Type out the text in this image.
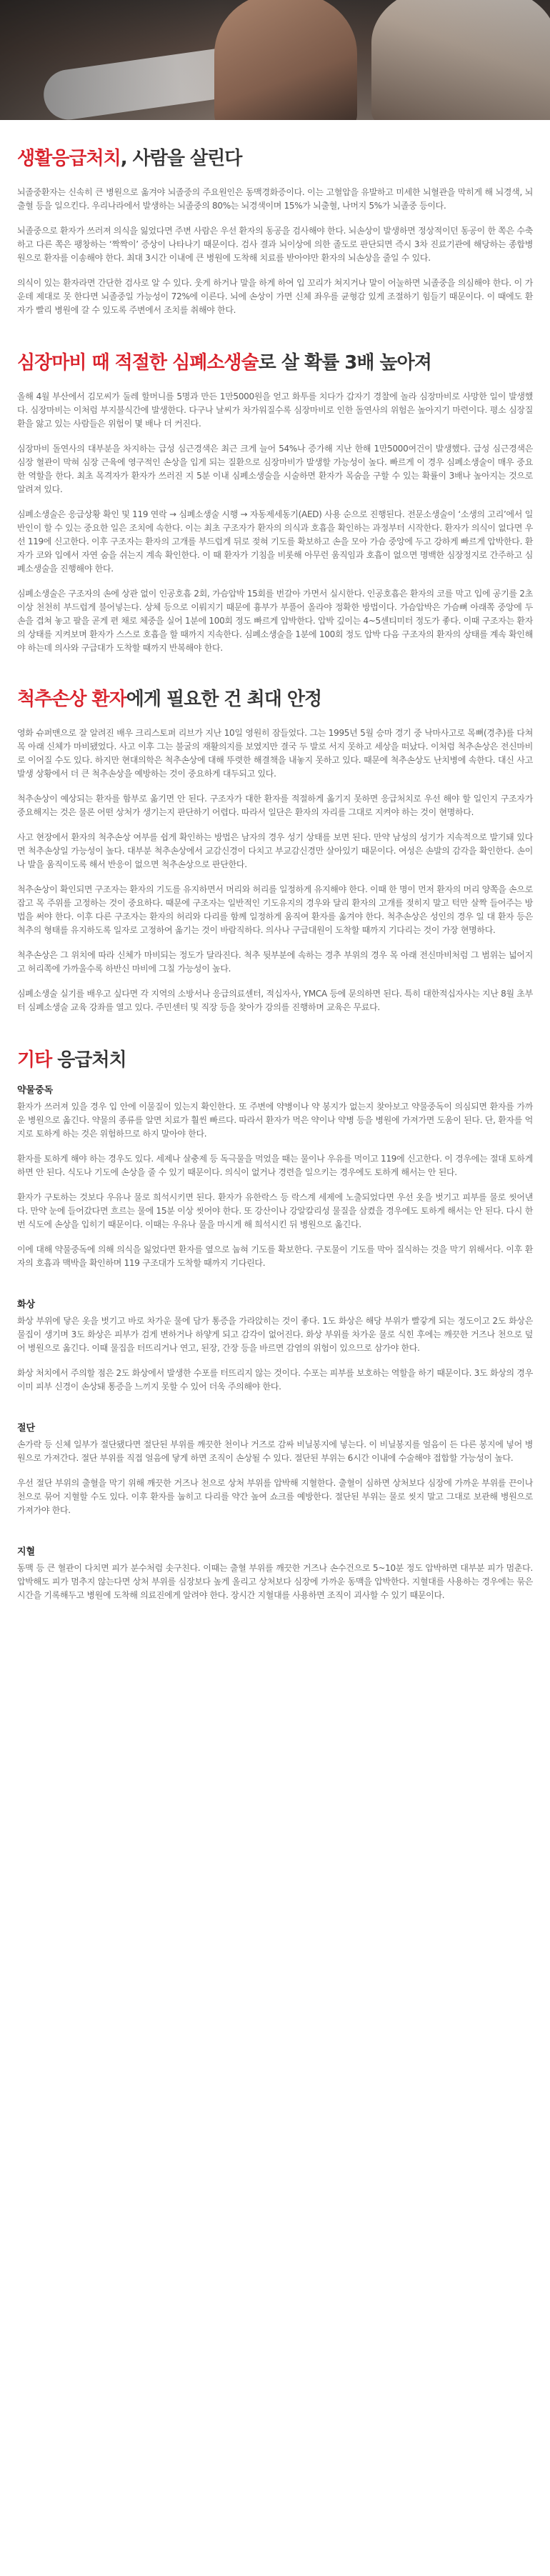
생활응급처치, 사람을 살린다

뇌졸중환자는 신속히 큰 병원으로 옮겨야 뇌졸중의 주요원인은 동맥경화증이다. 이는 고혈압을 유발하고 미세한 뇌혈관을 막히게 해 뇌경색, 뇌출혈 등을 일으킨다. 우리나라에서 발생하는 뇌졸중의 80%는 뇌경색이며 15%가 뇌출혈, 나머지 5%가 뇌졸중 등이다.

뇌졸중으로 환자가 쓰러져 의식을 잃었다면 주변 사람은 우선 환자의 동공을 검사해야 한다. 뇌손상이 발생하면 정상적이던 동공이 한 쪽은 수축하고 다른 쪽은 팽창하는 ‘짝짝이’ 증상이 나타나기 때문이다. 검사 결과 뇌이상에 의한 졸도로 판단되면 즉시 3차 진료기관에 해당하는 종합병원으로 환자를 이송해야 한다. 최대 3시간 이내에 큰 병원에 도착해 치료를 받아야만 환자의 뇌손상을 줄일 수 있다.

의식이 있는 환자라면 간단한 검사로 알 수 있다. 웃게 하거나 말을 하게 하여 입 꼬리가 쳐지거나 말이 어눌하면 뇌졸중을 의심해야 한다. 이 가운데 제대로 못 한다면 뇌졸중일 가능성이 72%에 이른다. 뇌에 손상이 가면 신체 좌우를 균형감 있게 조절하기 힘들기 때문이다. 이 때에도 환자가 빨리 병원에 갈 수 있도록 주변에서 조치를 취해야 한다.

심장마비 때 적절한 심폐소생술로 살 확률 3배 높아져

올해 4월 부산에서 김모씨가 둘레 할머니를 5명과 만든 1만5000원을 얻고 화투를 치다가 갑자기 경찰에 놀라 심장마비로 사망한 일이 발생했다. 심장마비는 이처럼 부지불식간에 발생한다. 다구나 날씨가 차가워질수록 심장마비로 인한 돌연사의 위험은 높아지기 마련이다. 평소 심장질환을 앓고 있는 사람들은 위험이 몇 배나 더 커진다.

심장마비 돌연사의 대부분을 차지하는 급성 심근경색은 최근 크게 늘어 54%나 증가해 지난 한해 1만5000여건이 발생했다. 급성 심근경색은 심장 혈관이 막혀 심장 근육에 영구적인 손상을 입게 되는 질환으로 심장마비가 발생할 가능성이 높다. 빠르게 이 경우 심폐소생술이 매우 중요한 역할을 한다. 최초 목격자가 환자가 쓰러진 지 5분 이내 심폐소생술을 시술하면 환자가 목숨을 구할 수 있는 확률이 3배나 높아지는 것으로 알려져 있다.

심폐소생술은 응급상황 확인 및 119 연락 → 심폐소생술 시행 → 자동제세동기(AED) 사용 순으로 진행된다. 전문소생술이 ‘소생의 고리’에서 일반인이 할 수 있는 중요한 일은 조치에 속한다. 이는 최초 구조자가 환자의 의식과 호흡을 확인하는 과정부터 시작한다. 환자가 의식이 없다면 우선 119에 신고한다. 이후 구조자는 환자의 고개를 부드럽게 뒤로 젖혀 기도를 확보하고 손을 모아 가슴 중앙에 두고 강하게 빠르게 압박한다. 환자가 코와 입에서 자연 숨을 쉬는지 계속 확인한다. 이 때 환자가 기침을 비롯해 아무런 움직임과 호흡이 없으면 명백한 심장정지로 간주하고 심폐소생술을 진행해야 한다.

심폐소생술은 구조자의 손에 상관 없이 인공호흡 2회, 가슴압박 15회를 번갈아 가면서 실시한다. 인공호흡은 환자의 코를 막고 입에 공기를 2초 이상 천천히 부드럽게 불어넣는다. 상체 등으로 이뤄지기 때문에 흉부가 부풀어 올라야 정확한 방법이다. 가슴압박은 가슴뼈 아래쪽 중앙에 두 손을 겹쳐 놓고 팔을 곧게 편 채로 체중을 실어 1분에 100회 정도 빠르게 압박한다. 압박 깊이는 4~5센티미터 정도가 좋다. 이때 구조자는 환자의 상태를 지켜보며 환자가 스스로 호흡을 할 때까지 지속한다. 심폐소생술을 1분에 100회 정도 압박 다음 구조자의 환자의 상태를 계속 확인해야 하는데 의사와 구급대가 도착할 때까지 반복해야 한다.

척추손상 환자에게 필요한 건 최대 안정

영화 슈퍼맨으로 잘 알려진 배우 크리스토퍼 리브가 지난 10일 영원히 잠들었다. 그는 1995년 5월 승마 경기 중 낙마사고로 목뼈(경추)를 다쳐 목 아래 신체가 마비됐었다. 사고 이후 그는 불굴의 재활의지를 보였지만 결국 두 발로 서지 못하고 세상을 떠났다. 이처럼 척추손상은 전신마비로 이어질 수도 있다. 하지만 현대의학은 척추손상에 대해 뚜렷한 해결책을 내놓지 못하고 있다. 때문에 척추손상도 난치병에 속한다. 대신 사고발생 상황에서 더 큰 척추손상을 예방하는 것이 중요하게 대두되고 있다.

척추손상이 예상되는 환자를 함부로 옮기면 안 된다. 구조자가 대한 환자를 적절하게 옮기지 못하면 응급처치로 우선 해야 할 일인지 구조자가 중요해지는 것은 물론 어떤 상처가 생기는지 판단하기 어렵다. 따라서 일단은 환자의 자리를 그대로 지켜야 하는 것이 현명하다.

사고 현장에서 환자의 척추손상 여부를 쉽게 확인하는 방법은 남자의 경우 성기 상태를 보면 된다. 만약 남성의 성기가 지속적으로 발기돼 있다면 척추손상일 가능성이 높다. 대부분 척추손상에서 교감신경이 다치고 부교감신경만 살아있기 때문이다. 여성은 손발의 감각을 확인한다. 손이나 발을 움직이도록 해서 반응이 없으면 척추손상으로 판단한다.

척추손상이 확인되면 구조자는 환자의 기도를 유지하면서 머리와 허리를 일정하게 유지해야 한다. 이때 한 명이 먼저 환자의 머리 양쪽을 손으로 잡고 목 주위를 고정하는 것이 중요하다. 때문에 구조자는 일반적인 기도유지의 경우와 달리 환자의 고개를 젖히지 말고 턱만 살짝 들어주는 방법을 써야 한다. 이후 다른 구조자는 환자의 허리와 다리를 함께 일정하게 움직여 환자를 옮겨야 한다. 척추손상은 성인의 경우 일 대 환자 등은 척추의 형태를 유지하도록 일자로 고정하여 옮기는 것이 바람직하다. 의사나 구급대원이 도착할 때까지 기다리는 것이 가장 현명하다.

척추손상은 그 위치에 따라 신체가 마비되는 정도가 달라진다. 척추 뒷부분에 속하는 경추 부위의 경우 목 아래 전신마비처럼 그 범위는 넓어지고 허리쪽에 가까울수록 하반신 마비에 그칠 가능성이 높다.

심폐소생술 실기를 배우고 싶다면 각 지역의 소방서나 응급의료센터, 적십자사, YMCA 등에 문의하면 된다. 특히 대한적십자사는 지난 8월 초부터 심폐소생술 교육 강좌를 열고 있다. 주민센터 및 직장 등을 찾아가 강의를 진행하며 교육은 무료다.

기타 응급처치
약물중독

환자가 쓰러져 있을 경우 입 안에 이물질이 있는지 확인한다. 또 주변에 약병이나 약 봉지가 없는지 찾아보고 약물중독이 의심되면 환자를 가까운 병원으로 옮긴다. 약물의 종류를 알면 치료가 훨씬 빠르다. 따라서 환자가 먹은 약이나 약병 등을 병원에 가져가면 도움이 된다. 단, 환자를 억지로 토하게 하는 것은 위험하므로 하지 말아야 한다.

환자를 토하게 해야 하는 경우도 있다. 세제나 살충제 등 독극물을 먹었을 때는 물이나 우유를 먹이고 119에 신고한다. 이 경우에는 절대 토하게 하면 안 된다. 식도나 기도에 손상을 줄 수 있기 때문이다. 의식이 없거나 경련을 일으키는 경우에도 토하게 해서는 안 된다.

환자가 구토하는 것보다 우유나 물로 희석시키면 된다. 환자가 유한락스 등 락스계 세제에 노출되었다면 우선 옷을 벗기고 피부를 물로 씻어낸다. 만약 눈에 들어갔다면 흐르는 물에 15분 이상 씻어야 한다. 또 강산이나 강알칼리성 물질을 삼켰을 경우에도 토하게 해서는 안 된다. 다시 한 번 식도에 손상을 입히기 때문이다. 이때는 우유나 물을 마시게 해 희석시킨 뒤 병원으로 옮긴다.

이에 대해 약물중독에 의해 의식을 잃었다면 환자를 옆으로 눕혀 기도를 확보한다. 구토물이 기도를 막아 질식하는 것을 막기 위해서다. 이후 환자의 호흡과 맥박을 확인하며 119 구조대가 도착할 때까지 기다린다.

화상

화상 부위에 닿은 옷을 벗기고 바로 차가운 물에 담가 통증을 가라앉히는 것이 좋다. 1도 화상은 해당 부위가 빨갛게 되는 정도이고 2도 화상은 물집이 생기며 3도 화상은 피부가 검게 변하거나 하얗게 되고 감각이 없어진다. 화상 부위를 차가운 물로 식힌 후에는 깨끗한 거즈나 천으로 덮어 병원으로 옮긴다. 이때 물집을 터뜨리거나 연고, 된장, 간장 등을 바르면 감염의 위험이 있으므로 삼가야 한다.

화상 처치에서 주의할 점은 2도 화상에서 발생한 수포를 터뜨리지 않는 것이다. 수포는 피부를 보호하는 역할을 하기 때문이다. 3도 화상의 경우 이미 피부 신경이 손상돼 통증을 느끼지 못할 수 있어 더욱 주의해야 한다.

절단

손가락 등 신체 일부가 절단됐다면 절단된 부위를 깨끗한 천이나 거즈로 감싸 비닐봉지에 넣는다. 이 비닐봉지를 얼음이 든 다른 봉지에 넣어 병원으로 가져간다. 절단 부위를 직접 얼음에 닿게 하면 조직이 손상될 수 있다. 절단된 부위는 6시간 이내에 수술해야 접합할 가능성이 높다.

우선 절단 부위의 출혈을 막기 위해 깨끗한 거즈나 천으로 상처 부위를 압박해 지혈한다. 출혈이 심하면 상처보다 심장에 가까운 부위를 끈이나 천으로 묶어 지혈할 수도 있다. 이후 환자를 눕히고 다리를 약간 높여 쇼크를 예방한다. 절단된 부위는 물로 씻지 말고 그대로 보관해 병원으로 가져가야 한다.

지혈

동맥 등 큰 혈관이 다치면 피가 분수처럼 솟구친다. 이때는 출혈 부위를 깨끗한 거즈나 손수건으로 5~10분 정도 압박하면 대부분 피가 멈춘다. 압박해도 피가 멈추지 않는다면 상처 부위를 심장보다 높게 올리고 상처보다 심장에 가까운 동맥을 압박한다. 지혈대를 사용하는 경우에는 묶은 시간을 기록해두고 병원에 도착해 의료진에게 알려야 한다. 장시간 지혈대를 사용하면 조직이 괴사할 수 있기 때문이다.
